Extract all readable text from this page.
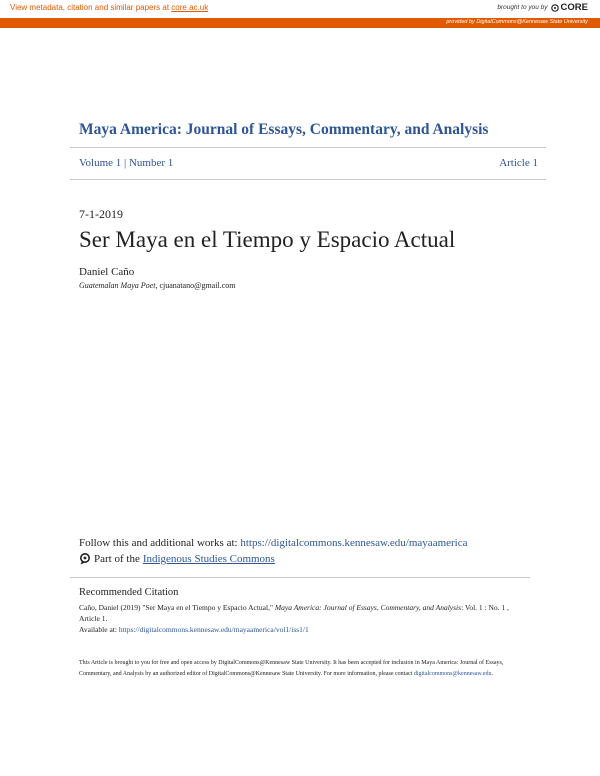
View metadata, citation and similar papers at core.ac.uk	brought to you by CORE
provided by DigitalCommons@Kennesaw State University
Maya America: Journal of Essays, Commentary, and Analysis
Volume 1 | Number 1	Article 1
7-1-2019
Ser Maya en el Tiempo y Espacio Actual
Daniel Caño
Guatemalan Maya Poet, cjuanatano@gmail.com
Follow this and additional works at: https://digitalcommons.kennesaw.edu/mayaamerica
Part of the Indigenous Studies Commons
Recommended Citation
Caño, Daniel (2019) "Ser Maya en el Tiempo y Espacio Actual," Maya America: Journal of Essays, Commentary, and Analysis: Vol. 1 : No. 1 , Article 1.
Available at: https://digitalcommons.kennesaw.edu/mayaamerica/vol1/iss1/1
This Article is brought to you for free and open access by DigitalCommons@Kennesaw State University. It has been accepted for inclusion in Maya America: Journal of Essays, Commentary, and Analysis by an authorized editor of DigitalCommons@Kennesaw State University. For more information, please contact digitalcommons@kennesaw.edu.
